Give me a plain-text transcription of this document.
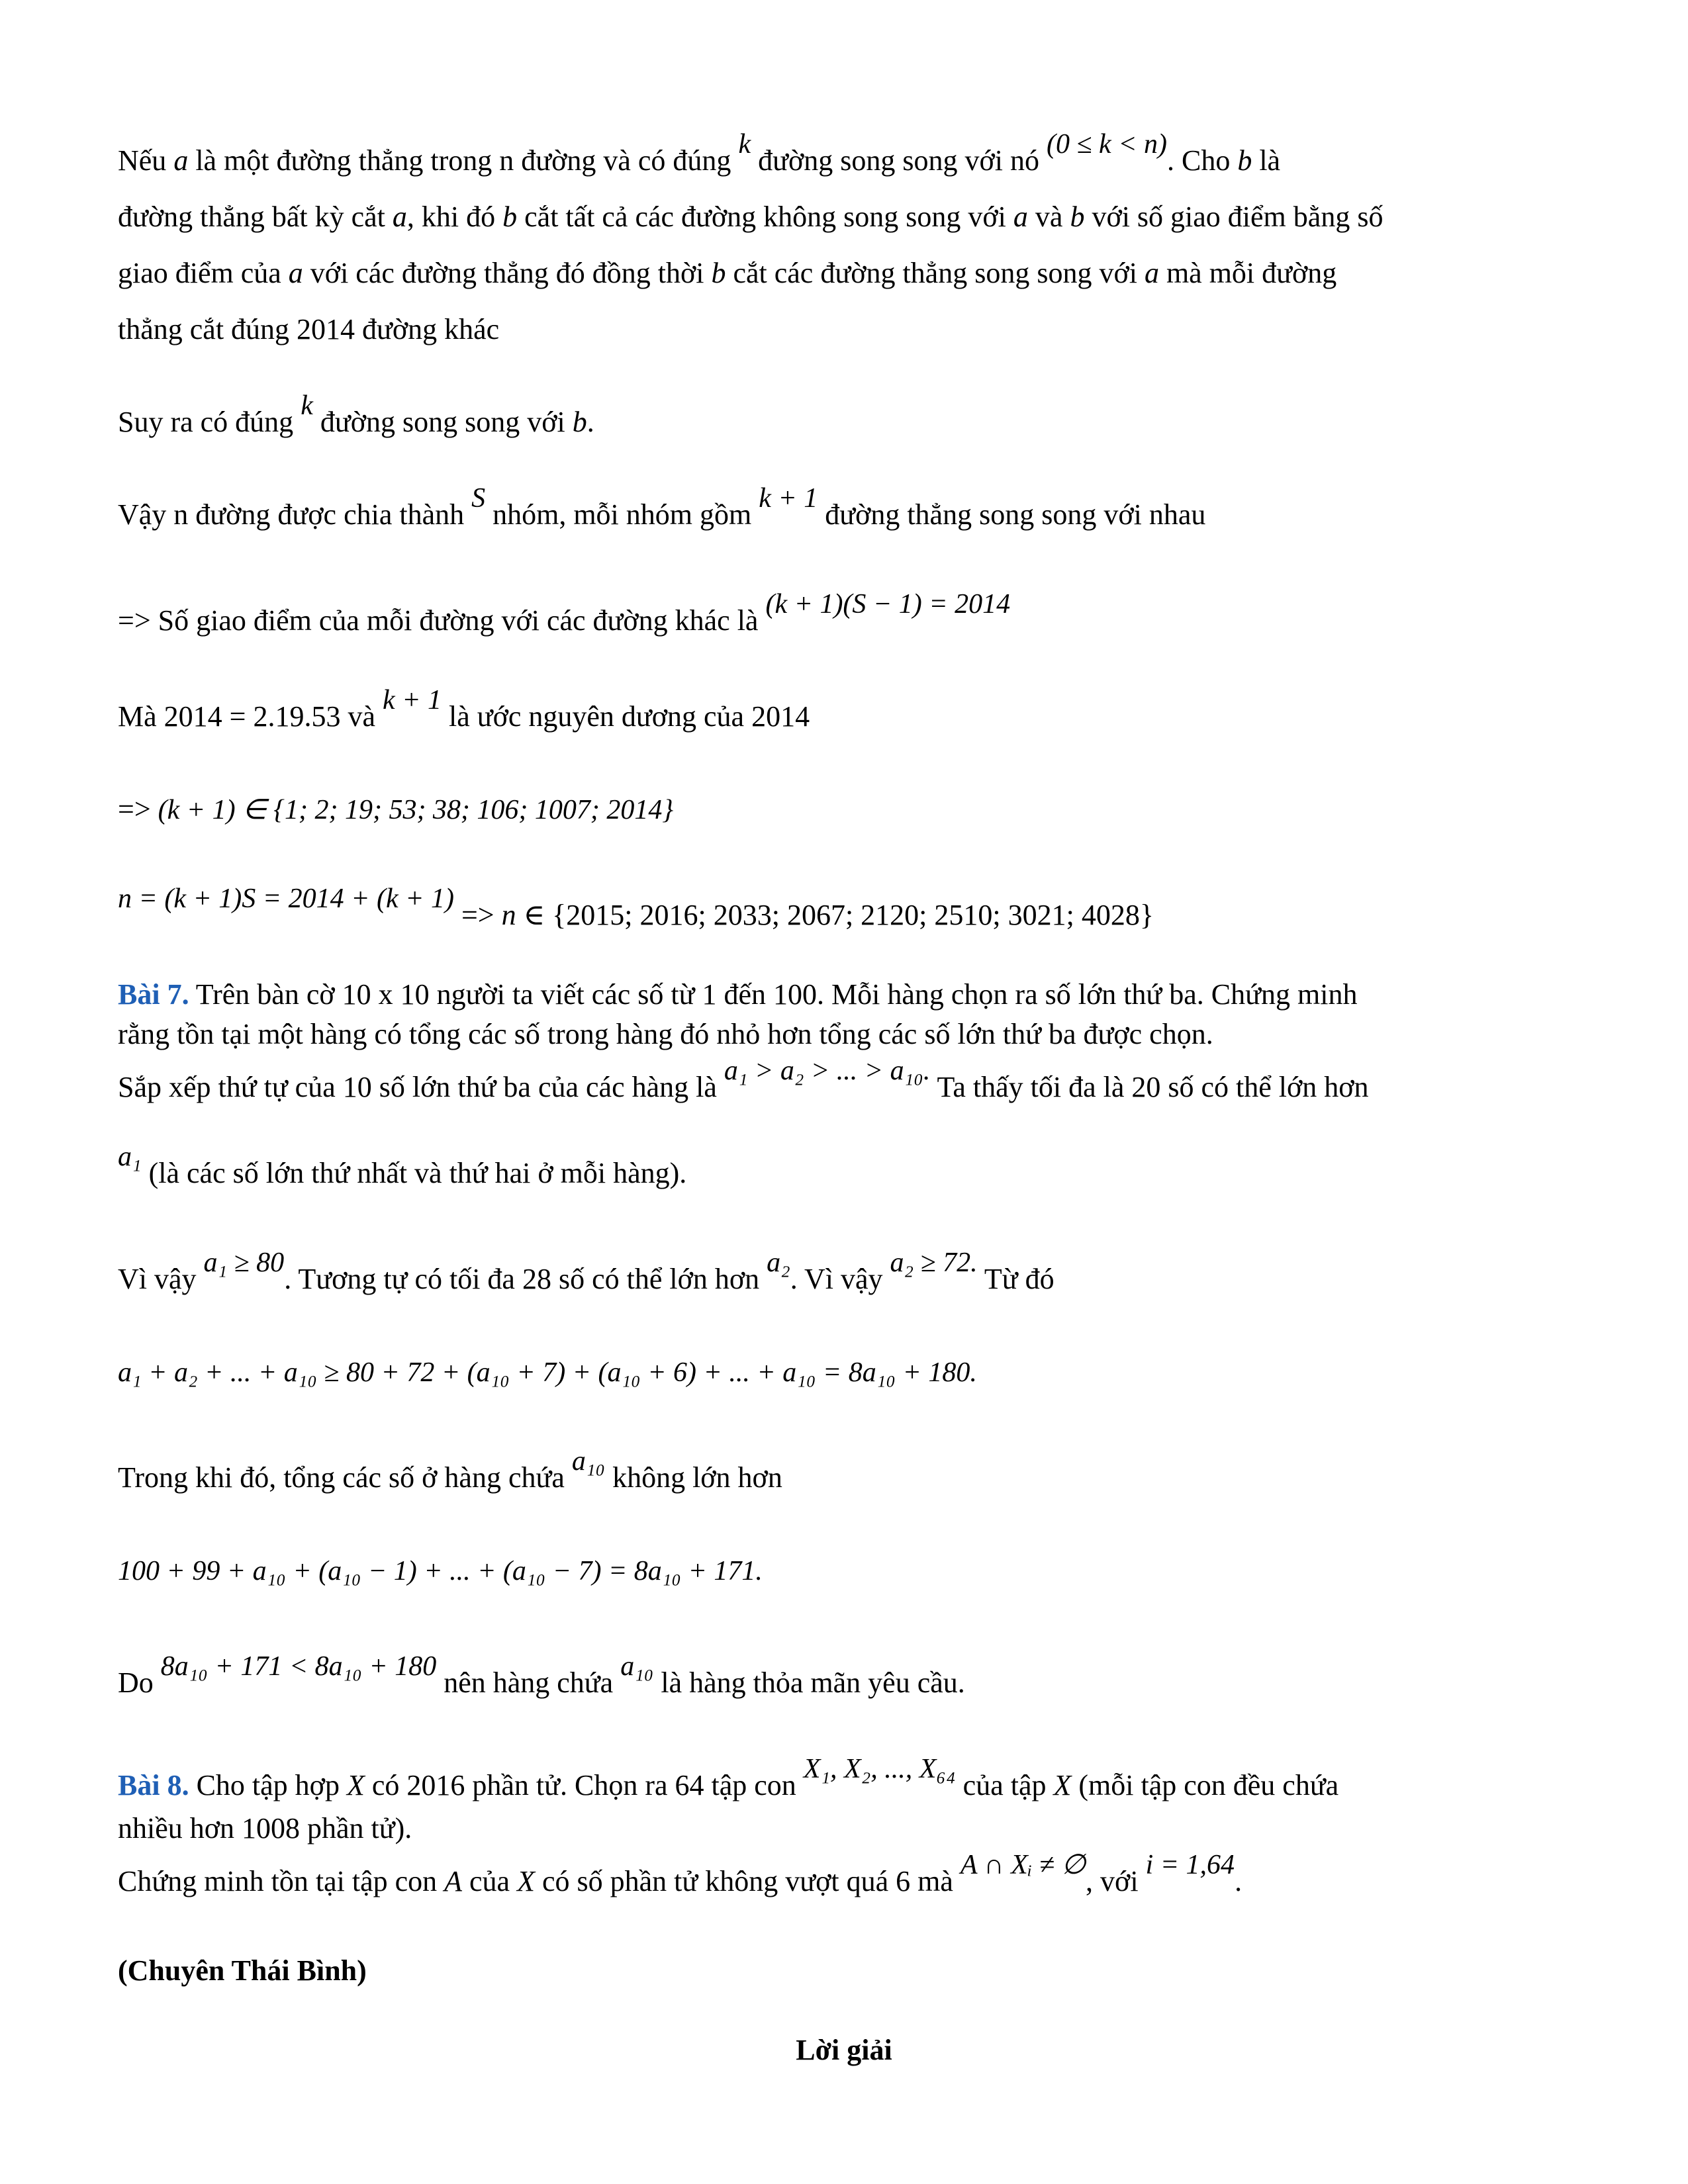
Nếu a là một đường thẳng trong n đường và có đúng k đường song song với nó (0 ≤ k < n). Cho b là
đường thẳng bất kỳ cắt a, khi đó b cắt tất cả các đường không song song với a và b với số giao điểm bằng số
giao điểm của a với các đường thẳng đó đồng thời b cắt các đường thẳng song song với a mà mỗi đường
thẳng cắt đúng 2014 đường khác
Suy ra có đúng k đường song song với b.
Vậy n đường được chia thành S nhóm, mỗi nhóm gồm k + 1 đường thẳng song song với nhau
=> Số giao điểm của mỗi đường với các đường khác là (k + 1)(S − 1) = 2014
Mà 2014 = 2.19.53 và k + 1 là ước nguyên dương của 2014
=> (k + 1) ∈ {1; 2; 19; 53; 38; 106; 1007; 2014}
n = (k + 1)S = 2014 + (k + 1) => n ∈ {2015; 2016; 2033; 2067; 2120; 2510; 3021; 4028}
Bài 7. Trên bàn cờ 10 x 10 người ta viết các số từ 1 đến 100. Mỗi hàng chọn ra số lớn thứ ba. Chứng minh
rằng tồn tại một hàng có tổng các số trong hàng đó nhỏ hơn tổng các số lớn thứ ba được chọn.
Sắp xếp thứ tự của 10 số lớn thứ ba của các hàng là a₁ > a₂ > ... > a₁₀. Ta thấy tối đa là 20 số có thể lớn hơn
a₁ (là các số lớn thứ nhất và thứ hai ở mỗi hàng).
Vì vậy a₁ ≥ 80. Tương tự có tối đa 28 số có thể lớn hơn a₂. Vì vậy a₂ ≥ 72. Từ đó
a₁ + a₂ + ... + a₁₀ ≥ 80 + 72 + (a₁₀ + 7) + (a₁₀ + 6) + ... + a₁₀ = 8a₁₀ + 180.
Trong khi đó, tổng các số ở hàng chứa a₁₀ không lớn hơn
100 + 99 + a₁₀ + (a₁₀ − 1) + ... + (a₁₀ − 7) = 8a₁₀ + 171.
Do 8a₁₀ + 171 < 8a₁₀ + 180 nên hàng chứa a₁₀ là hàng thỏa mãn yêu cầu.
Bài 8. Cho tập hợp X có 2016 phần tử. Chọn ra 64 tập con X₁, X₂, ..., X₆₄ của tập X (mỗi tập con đều chứa
nhiều hơn 1008 phần tử).
Chứng minh tồn tại tập con A của X có số phần tử không vượt quá 6 mà A ∩ Xᵢ ≠ ∅, với i = 1,64.
(Chuyên Thái Bình)
Lời giải
